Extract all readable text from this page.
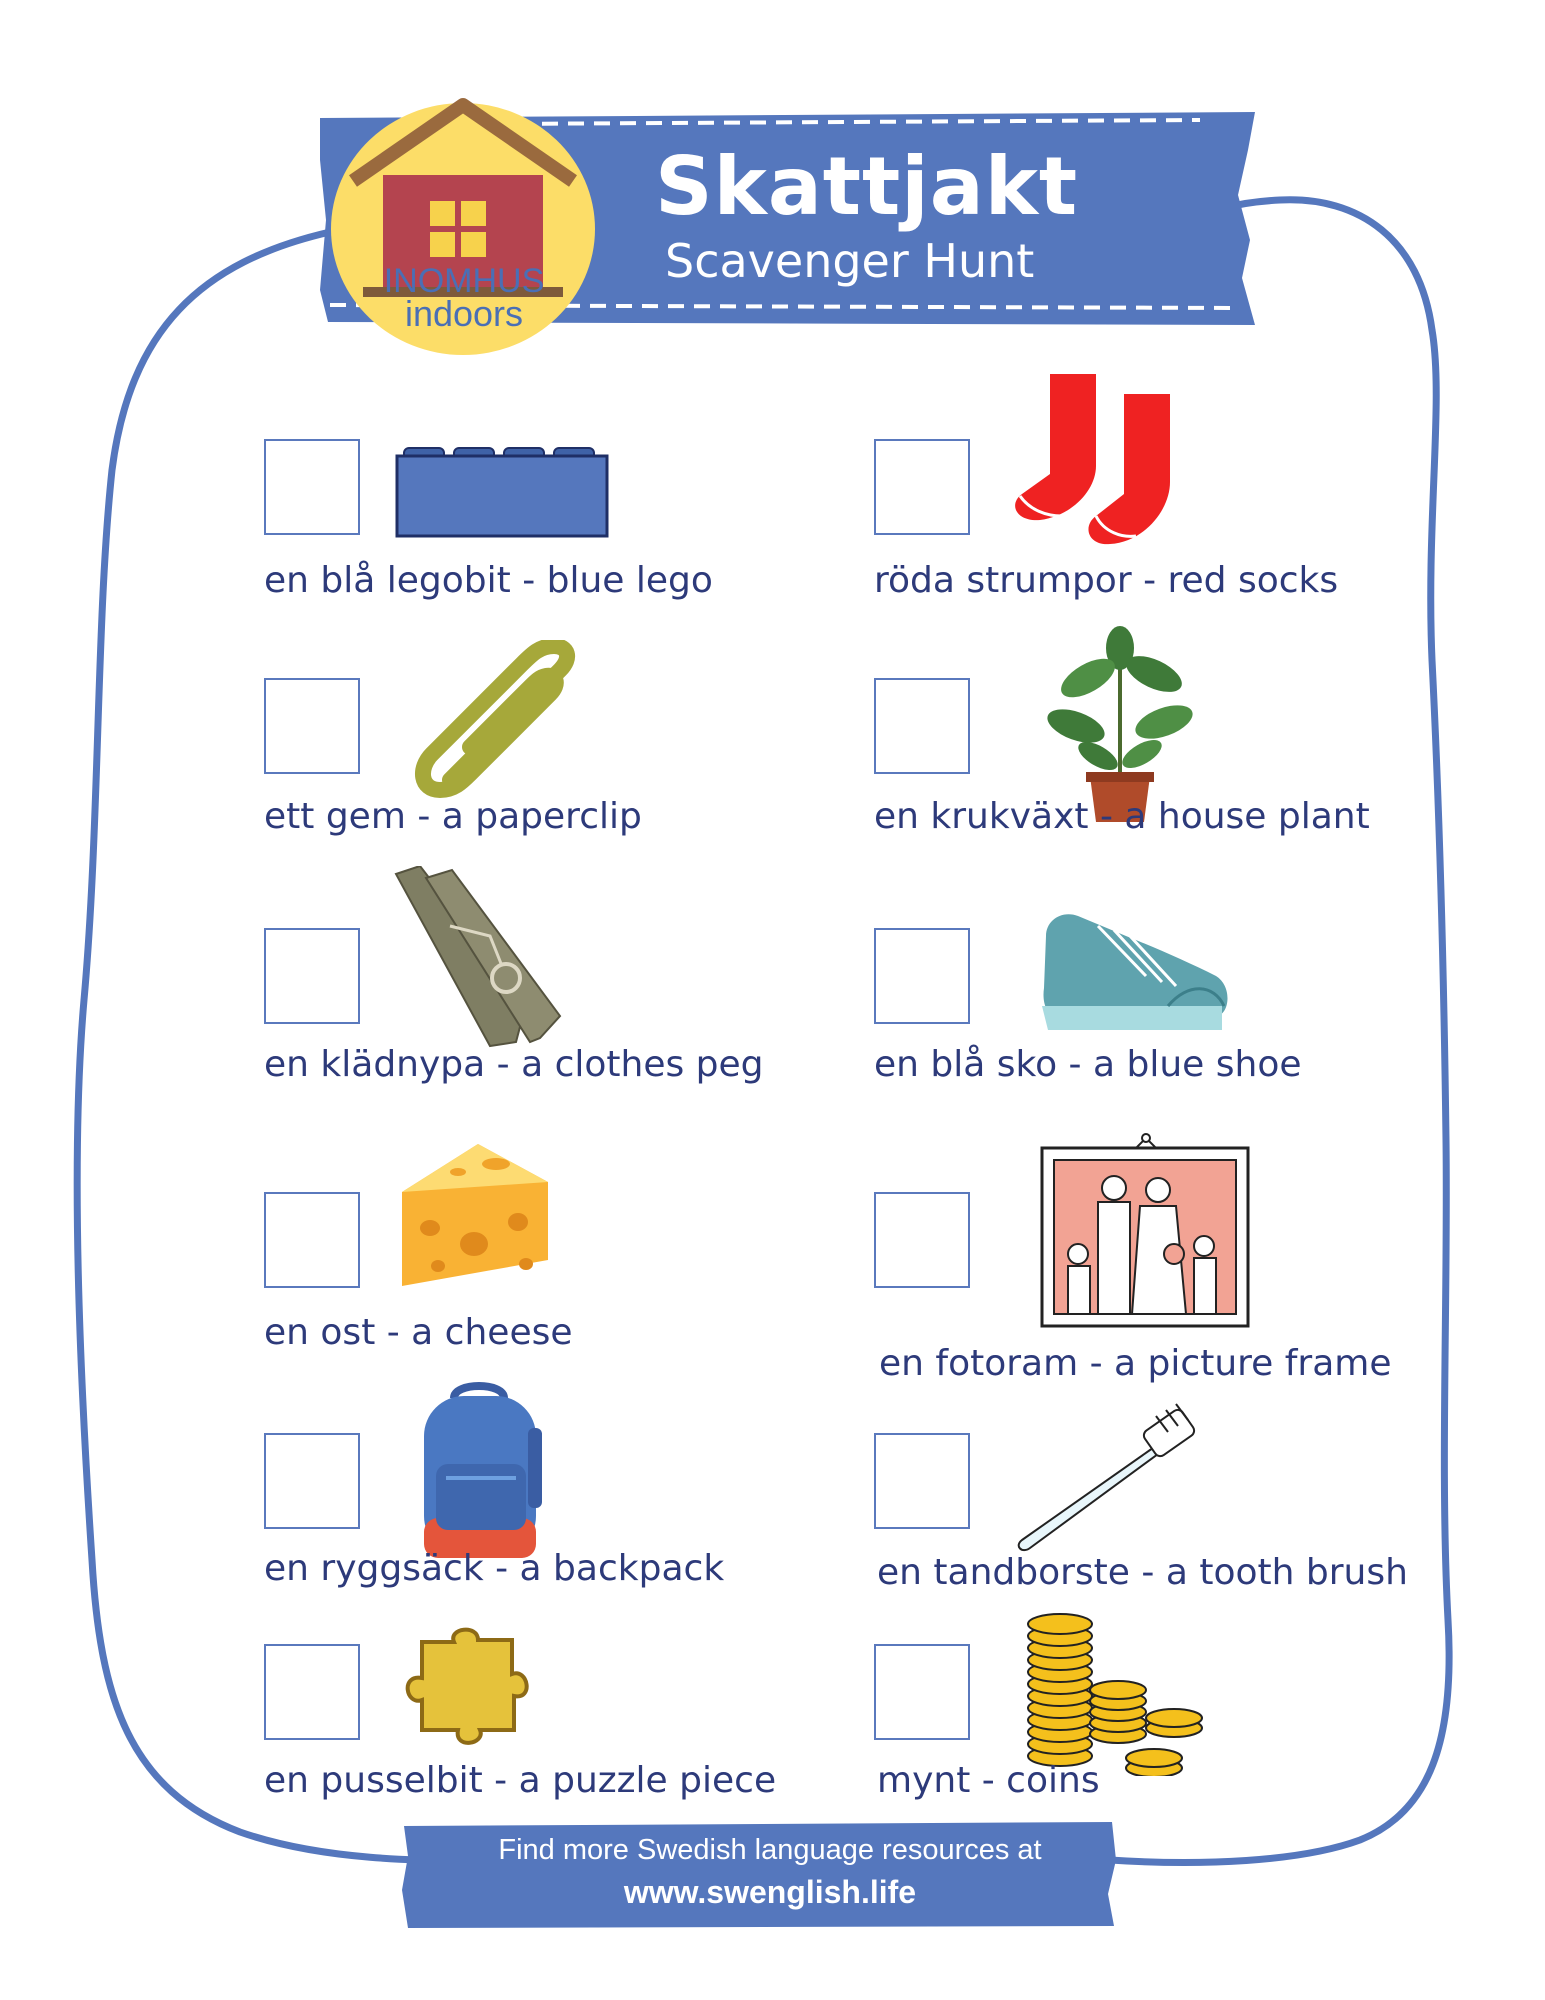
Skattjakt
Scavenger Hunt
INOMHUS
indoors
en blå legobit - blue lego
ett gem - a paperclip
en klädnypa - a clothes peg
en ost - a cheese
en ryggsäck - a backpack
en pusselbit - a puzzle piece
röda strumpor - red socks
en krukväxt - a house plant
en blå sko - a blue shoe
en fotoram - a picture frame
en tandborste - a tooth brush
mynt - coins
Find more Swedish language resources at
www.swenglish.life
